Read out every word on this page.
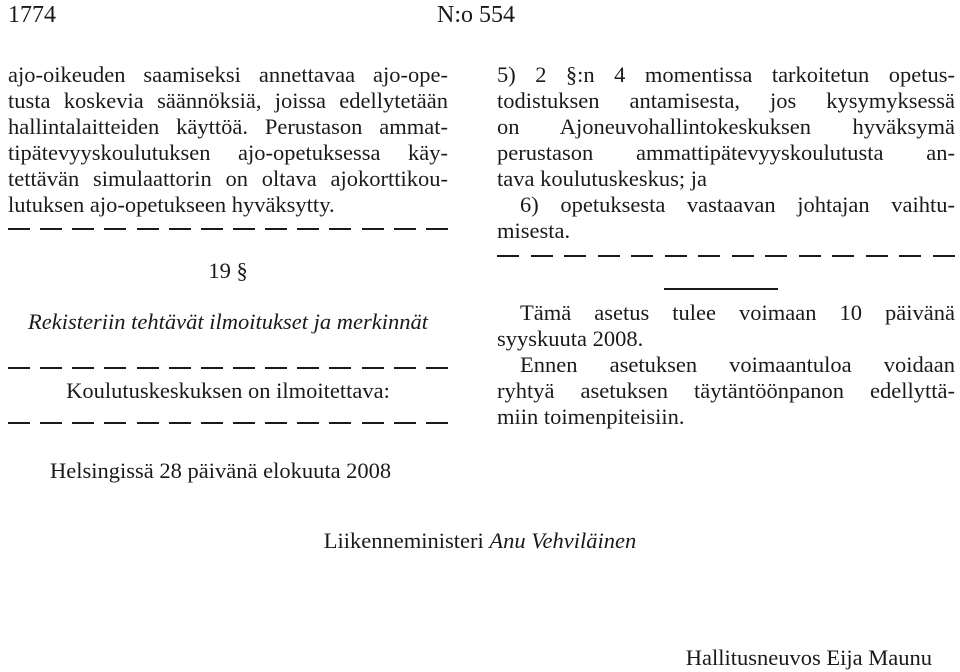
1774	N:o 554
ajo-oikeuden saamiseksi annettavaa ajo-ope-
tusta koskevia säännöksiä, joissa edellytetään
hallintalaitteiden käyttöä. Perustason ammat-
tipätevyyskoulutuksen ajo-opetuksessa käy-
tettävän simulaattorin on oltava ajokorttikou-
lutuksen ajo-opetukseen hyväksytty.
19 §
Rekisteriin tehtävät ilmoitukset ja merkinnät
Koulutuskeskuksen on ilmoitettava:
5) 2 §:n 4 momentissa tarkoitetun opetus-
todistuksen antamisesta, jos kysymyksessä
on Ajoneuvohallintokeskuksen hyväksymä
perustason ammattipätevyyskoulutusta an-
tava koulutuskeskus; ja
6) opetuksesta vastaavan johtajan vaihtu-
misesta.
Tämä asetus tulee voimaan 10 päivänä
syyskuuta 2008.
Ennen asetuksen voimaantuloa voidaan
ryhtyä asetuksen täytäntöönpanon edellyttä-
miin toimenpiteisiin.
Helsingissä 28 päivänä elokuuta 2008
Liikenneministeri Anu Vehviläinen
Hallitusneuvos Eija Maunu
